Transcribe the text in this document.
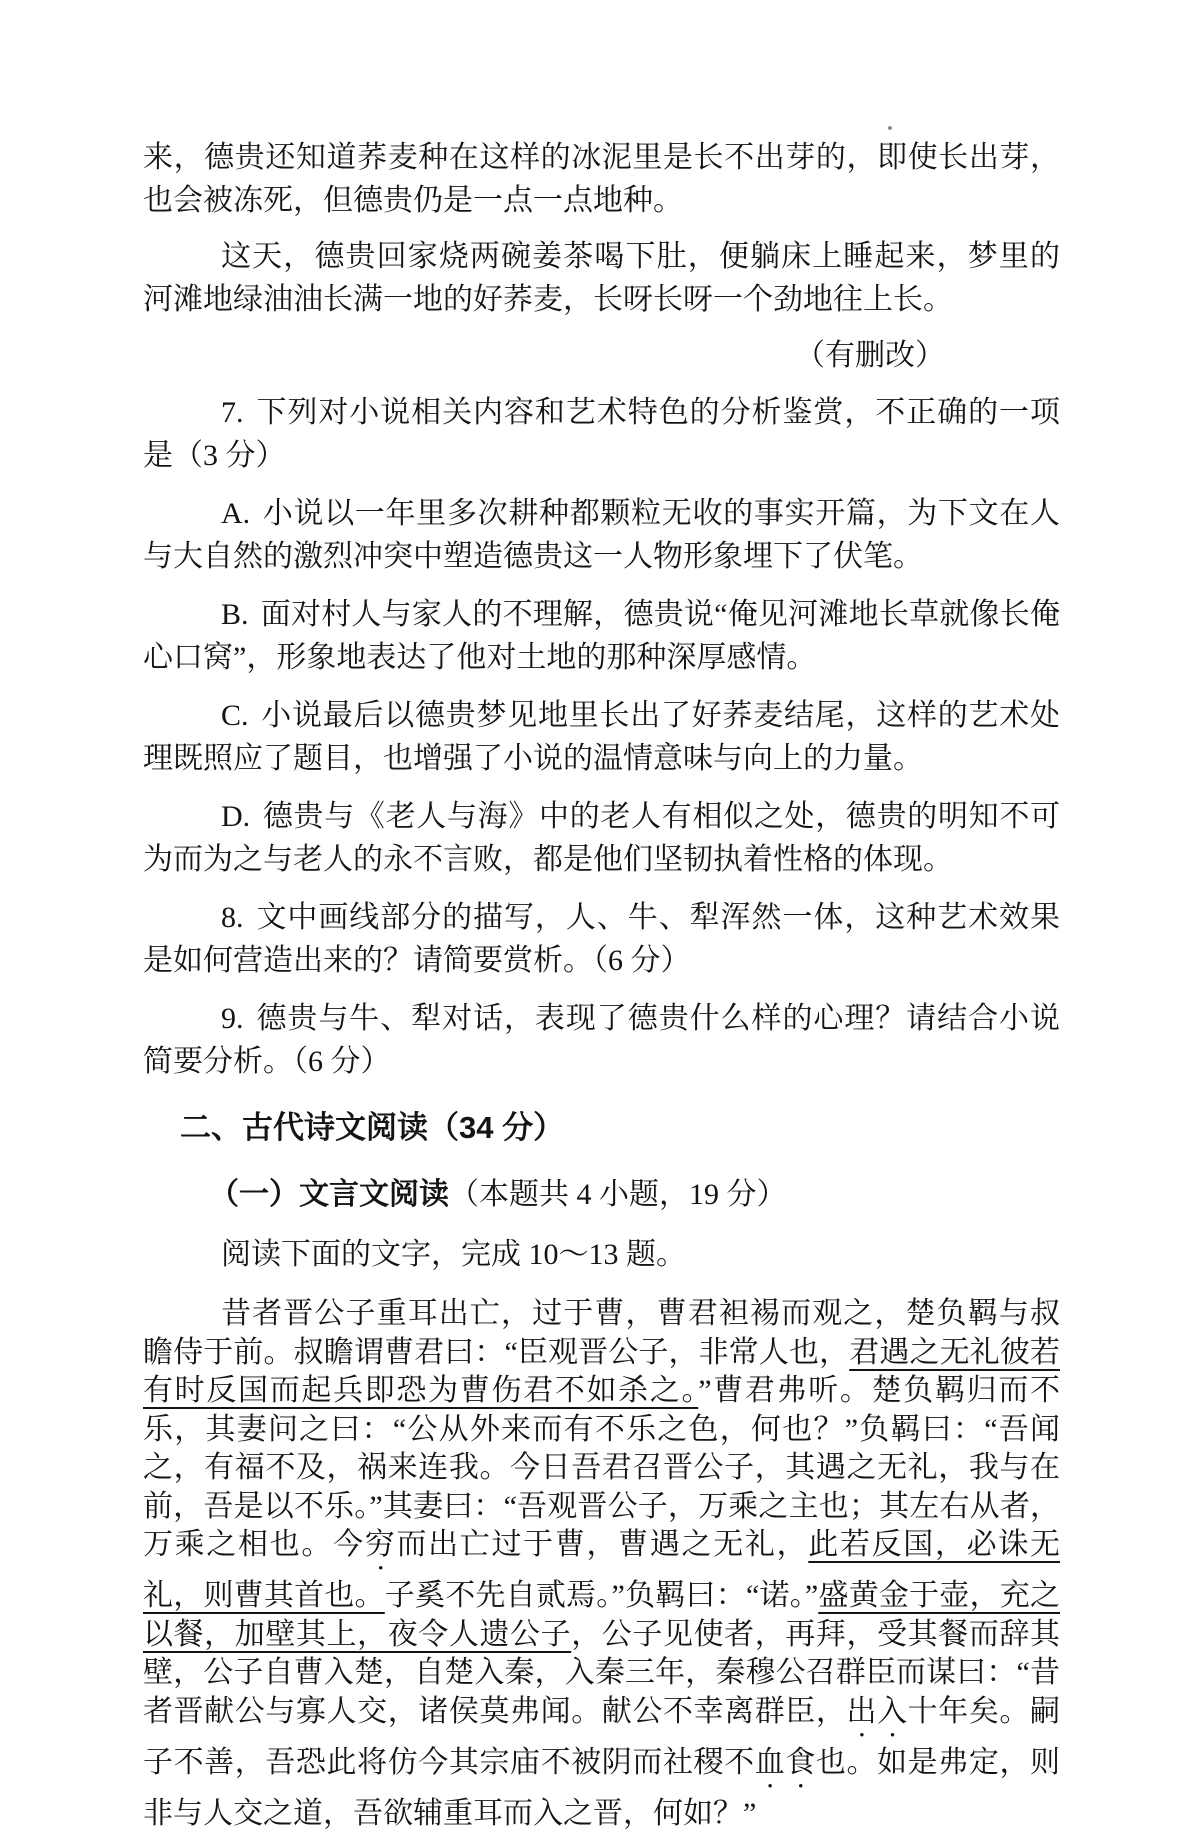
来，德贵还知道荞麦种在这样的冰泥里是长不出芽的，即使长出芽，也会被冻死，但德贵仍是一点一点地种。

这天，德贵回家烧两碗姜茶喝下肚，便躺床上睡起来，梦里的河滩地绿油油长满一地的好荞麦，长呀长呀一个劲地往上长。

（有删改）

7. 下列对小说相关内容和艺术特色的分析鉴赏，不正确的一项是（3 分）

A. 小说以一年里多次耕种都颗粒无收的事实开篇，为下文在人与大自然的激烈冲突中塑造德贵这一人物形象埋下了伏笔。

B. 面对村人与家人的不理解，德贵说“俺见河滩地长草就像长俺心口窝”，形象地表达了他对土地的那种深厚感情。

C. 小说最后以德贵梦见地里长出了好荞麦结尾，这样的艺术处理既照应了题目，也增强了小说的温情意味与向上的力量。

D. 德贵与《老人与海》中的老人有相似之处，德贵的明知不可为而为之与老人的永不言败，都是他们坚韧执着性格的体现。

8. 文中画线部分的描写，人、牛、犁浑然一体，这种艺术效果是如何营造出来的？请简要赏析。（6 分）

9. 德贵与牛、犁对话，表现了德贵什么样的心理？请结合小说简要分析。（6 分）

二、古代诗文阅读（34 分）

（一）文言文阅读（本题共 4 小题，19 分）

阅读下面的文字，完成 10～13 题。

昔者晋公子重耳出亡，过于曹，曹君袒裼而观之，楚负羁与叔瞻侍于前。叔瞻谓曹君曰：“臣观晋公子，非常人也，君遇之无礼彼若有时反国而起兵即恐为曹伤君不如杀之。”曹君弗听。楚负羁归而不乐，其妻问之曰：“公从外来而有不乐之色，何也？”负羁曰：“吾闻之，有福不及，祸来连我。今日吾君召晋公子，其遇之无礼，我与在前，吾是以不乐。”其妻曰：“吾观晋公子，万乘之主也；其左右从者，万乘之相也。今穷而出亡过于曹，曹遇之无礼，此若反国，必诛无礼，则曹其首也。子奚不先自贰焉。”负羁曰：“诺。”盛黄金于壶，充之以餐，加壁其上，夜令人遗公子，公子见使者，再拜，受其餐而辞其壁，公子自曹入楚，自楚入秦，入秦三年，秦穆公召群臣而谋曰：“昔者晋献公与寡人交，诸侯莫弗闻。献公不幸离群臣，出入十年矣。嗣子不善，吾恐此将仿今其宗庙不被阴而社稷不血食也。如是弗定，则非与人交之道，吾欲辅重耳而入之晋，何如？”
